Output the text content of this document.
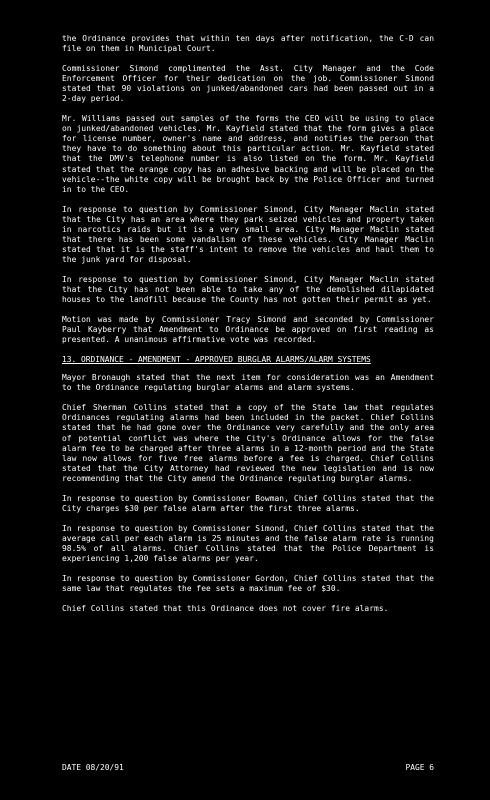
the Ordinance provides that within ten days after notification, the C-D can file on them in Municipal Court.

Commissioner Simond complimented the Asst. City Manager and the Code Enforcement Officer for their dedication on the job. Commissioner Simond stated that 90 violations on junked/abandoned cars had been passed out in a 2-day period.

Mr. Williams passed out samples of the forms the CEO will be using to place on junked/abandoned vehicles. Mr. Kayfield stated that the form gives a place for license number, owner's name and address, and notifies the person that they have to do something about this particular action. Mr. Kayfield stated that the DMV's telephone number is also listed on the form. Mr. Kayfield stated that the orange copy has an adhesive backing and will be placed on the vehicle--the white copy will be brought back by the Police Officer and turned in to the CEO.

In response to question by Commissioner Simond, City Manager Maclin stated that the City has an area where they park seized vehicles and property taken in narcotics raids but it is a very small area. City Manager Maclin stated that there has been some vandalism of these vehicles. City Manager Maclin stated that it is the staff's intent to remove the vehicles and haul them to the junk yard for disposal.

In response to question by Commissioner Simond, City Manager Maclin stated that the City has not been able to take any of the demolished dilapidated houses to the landfill because the County has not gotten their permit as yet.

Motion was made by Commissioner Tracy Simond and seconded by Commissioner Paul Kayberry that Amendment to Ordinance be approved on first reading as presented. A unanimous affirmative vote was recorded.

13. ORDINANCE - AMENDMENT - APPROVED BURGLAR ALARMS/ALARM SYSTEMS

Mayor Bronaugh stated that the next item for consideration was an Amendment to the Ordinance regulating burglar alarms and alarm systems.

Chief Sherman Collins stated that a copy of the State law that regulates Ordinances regulating alarms had been included in the packet. Chief Collins stated that he had gone over the Ordinance very carefully and the only area of potential conflict was where the City's Ordinance allows for the false alarm fee to be charged after three alarms in a 12-month period and the State law now allows for five free alarms before a fee is charged. Chief Collins stated that the City Attorney had reviewed the new legislation and is now recommending that the City amend the Ordinance regulating burglar alarms.

In response to question by Commissioner Bowman, Chief Collins stated that the City charges $30 per false alarm after the first three alarms.

In response to question by Commissioner Simond, Chief Collins stated that the average call per each alarm is 25 minutes and the false alarm rate is running 98.5% of all alarms. Chief Collins stated that the Police Department is experiencing 1,200 false alarms per year.

In response to question by Commissioner Gordon, Chief Collins stated that the same law that regulates the fee sets a maximum fee of $30.

Chief Collins stated that this Ordinance does not cover fire alarms.

DATE 08/20/91	PAGE 6
